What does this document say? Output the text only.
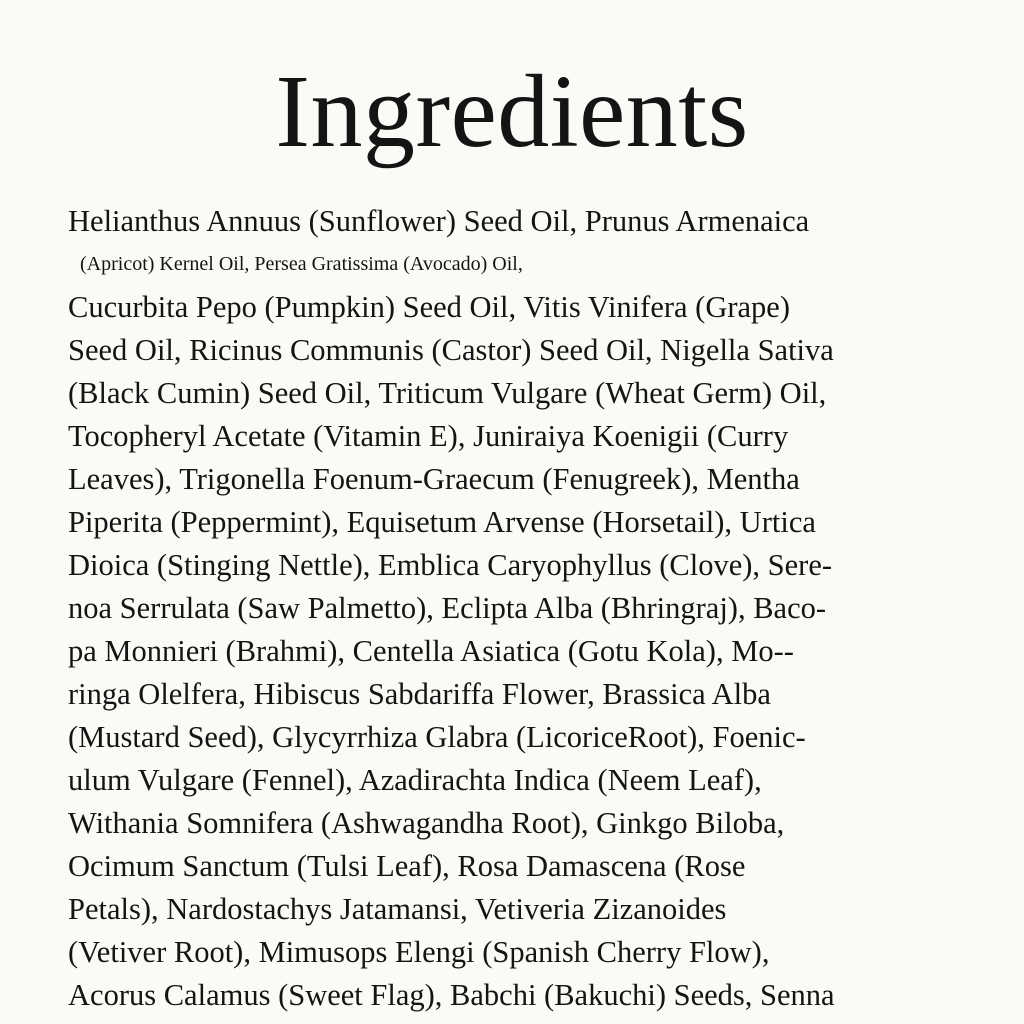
Ingredients
Helianthus Annuus (Sunflower) Seed Oil, Prunus Armenaica
(Apricot) Kernel Oil, Persea Gratissima (Avocado) Oil,
Cucurbita Pepo (Pumpkin) Seed Oil, Vitis Vinifera (Grape)
Seed Oil, Ricinus Communis (Castor) Seed Oil, Nigella Sativa
(Black Cumin) Seed Oil, Triticum Vulgare (Wheat Germ) Oil,
Tocopheryl Acetate (Vitamin E), Juniraiya Koenigii (Curry
Leaves), Trigonella Foenum-Graecum (Fenugreek), Mentha
Piperita (Peppermint), Equisetum Arvense (Horsetail), Urtica
Dioica (Stinging Nettle), Emblica Caryophyllus (Clove), Sere-
noa Serrulata (Saw Palmetto), Eclipta Alba (Bhringraj), Baco-
pa Monnieri (Brahmi), Centella Asiatica (Gotu Kola), Mo--
ringa Olelfera, Hibiscus Sabdariffa Flower, Brassica Alba
(Mustard Seed), Glycyrrhiza Glabra (LicoriceRoot), Foenic-
ulum Vulgare (Fennel), Azadirachta Indica (Neem Leaf),
Withania Somnifera (Ashwagandha Root), Ginkgo Biloba,
Ocimum Sanctum (Tulsi Leaf), Rosa Damascena (Rose
Petals), Nardostachys Jatamansi, Vetiveria Zizanoides
(Vetiver Root), Mimusops Elengi (Spanish Cherry Flow),
Acorus Calamus (Sweet Flag), Babchi (Bakuchi) Seeds, Senna
